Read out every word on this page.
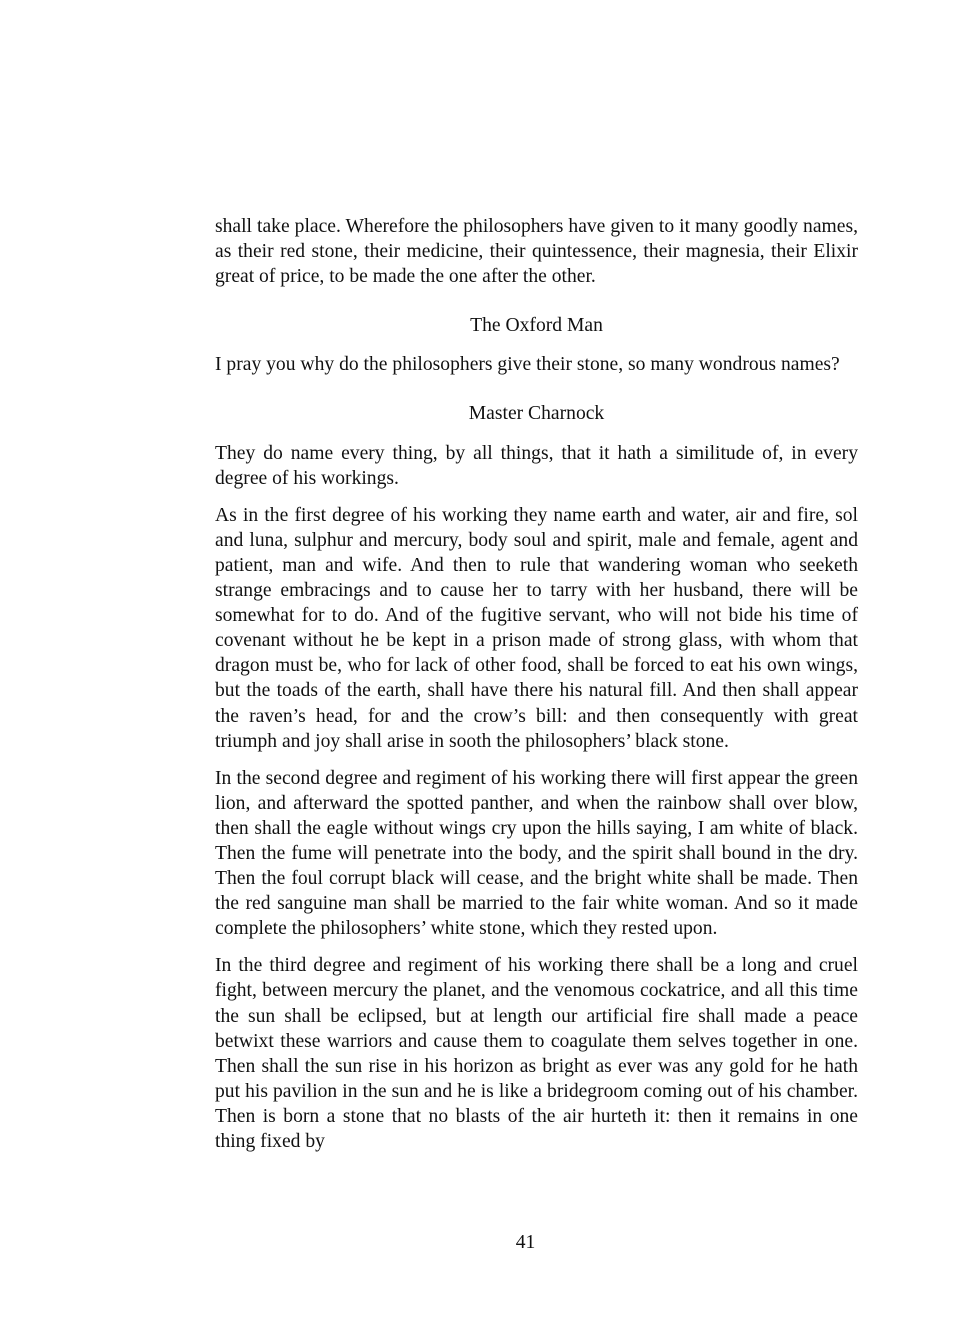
shall take place. Wherefore the philosophers have given to it many goodly names, as their red stone, their medicine, their quintessence, their magnesia, their Elixir great of price, to be made the one after the other.

The Oxford Man

I pray you why do the philosophers give their stone, so many wondrous names?

Master Charnock

They do name every thing, by all things, that it hath a similitude of, in every degree of his workings.

As in the first degree of his working they name earth and water, air and fire, sol and luna, sulphur and mercury, body soul and spirit, male and female, agent and patient, man and wife. And then to rule that wandering woman who seeketh strange embracings and to cause her to tarry with her husband, there will be somewhat for to do. And of the fugitive servant, who will not bide his time of covenant without he be kept in a prison made of strong glass, with whom that dragon must be, who for lack of other food, shall be forced to eat his own wings, but the toads of the earth, shall have there his natural fill. And then shall appear the raven’s head, for and the crow’s bill: and then consequently with great triumph and joy shall arise in sooth the philosophers’ black stone.

In the second degree and regiment of his working there will first appear the green lion, and afterward the spotted panther, and when the rainbow shall over blow, then shall the eagle without wings cry upon the hills saying, I am white of black. Then the fume will penetrate into the body, and the spirit shall bound in the dry. Then the foul corrupt black will cease, and the bright white shall be made. Then the red sanguine man shall be married to the fair white woman. And so it made complete the philosophers’ white stone, which they rested upon.

In the third degree and regiment of his working there shall be a long and cruel fight, between mercury the planet, and the venomous cockatrice, and all this time the sun shall be eclipsed, but at length our artificial fire shall made a peace betwixt these warriors and cause them to coagulate them selves together in one. Then shall the sun rise in his horizon as bright as ever was any gold for he hath put his pavilion in the sun and he is like a bridegroom coming out of his chamber. Then is born a stone that no blasts of the air hurteth it: then it remains in one thing fixed by

41
